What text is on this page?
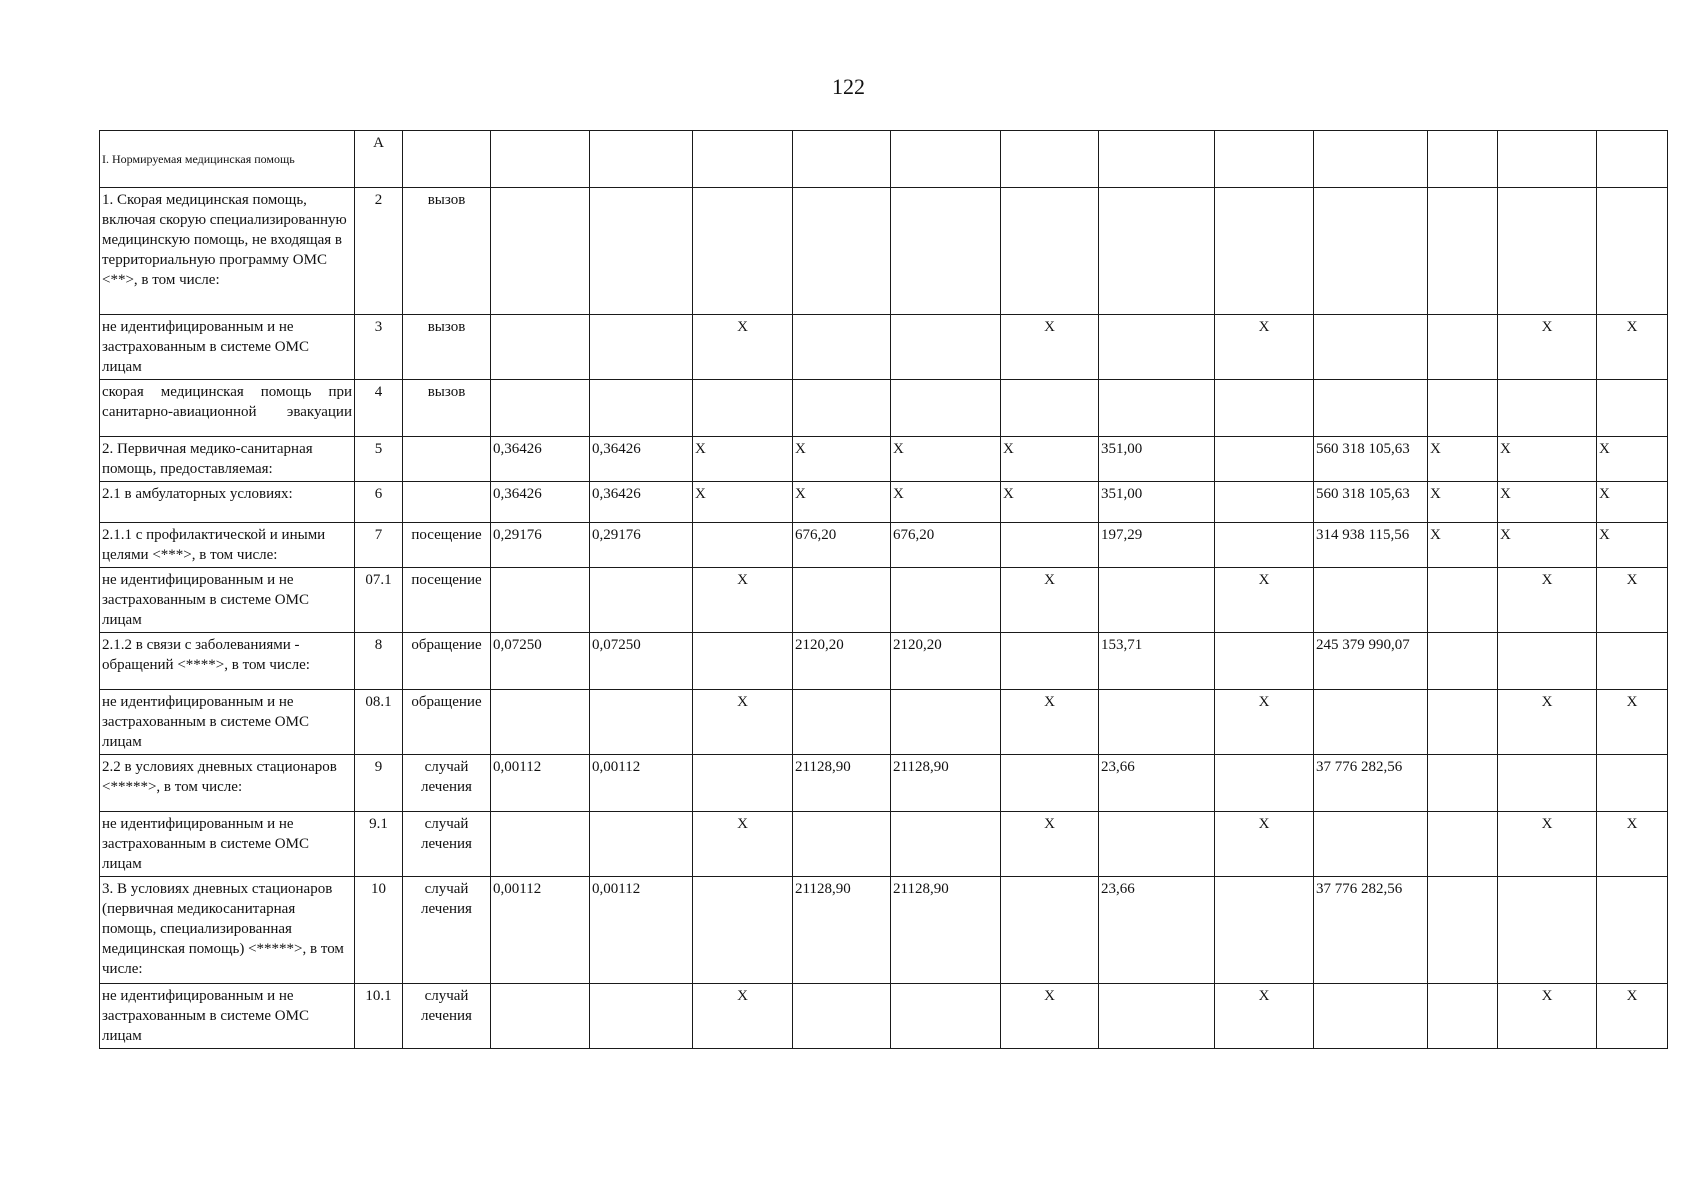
122
I. Нормируемая медицинская помощь	А														
1. Скорая медицинская помощь, включая скорую специализированную медицинскую помощь, не входящая в территориальную программу ОМС <**>, в том числе:	2	вызов													
не идентифицированным и не застрахованным в системе ОМС лицам	3	вызов			X			X		X			X	X	
скорая медицинская помощь при санитарно-авиационной эвакуации	4	вызов													
2. Первичная медико-санитарная помощь, предоставляемая:	5		0,36426	0,36426	X	X	X	X	351,00		560 318 105,63	X	X	X	
2.1 в амбулаторных условиях:	6		0,36426	0,36426	X	X	X	X	351,00		560 318 105,63	X	X	X	
2.1.1 с профилактической и иными целями <***>, в том числе:	7	посещение	0,29176	0,29176		676,20	676,20		197,29		314 938 115,56	X	X	X	
не идентифицированным и не застрахованным в системе ОМС лицам	07.1	посещение			X			X		X			X	X	
2.1.2 в связи с заболеваниями - обращений <****>, в том числе:	8	обращение	0,07250	0,07250		2120,20	2120,20		153,71		245 379 990,07				
не идентифицированным и не застрахованным в системе ОМС лицам	08.1	обращение			X			X		X			X	X	
2.2 в условиях дневных стационаров <*****>, в том числе:	9	случай лечения	0,00112	0,00112		21128,90	21128,90		23,66		37 776 282,56				
не идентифицированным и не застрахованным в системе ОМС лицам	9.1	случай лечения			X			X		X			X	X	
3. В условиях дневных стационаров (первичная медикосанитарная помощь, специализированная медицинская помощь) <*****>, в том числе:	10	случай лечения	0,00112	0,00112		21128,90	21128,90		23,66		37 776 282,56				
не идентифицированным и не застрахованным в системе ОМС лицам	10.1	случай лечения			X			X		X			X	X	
